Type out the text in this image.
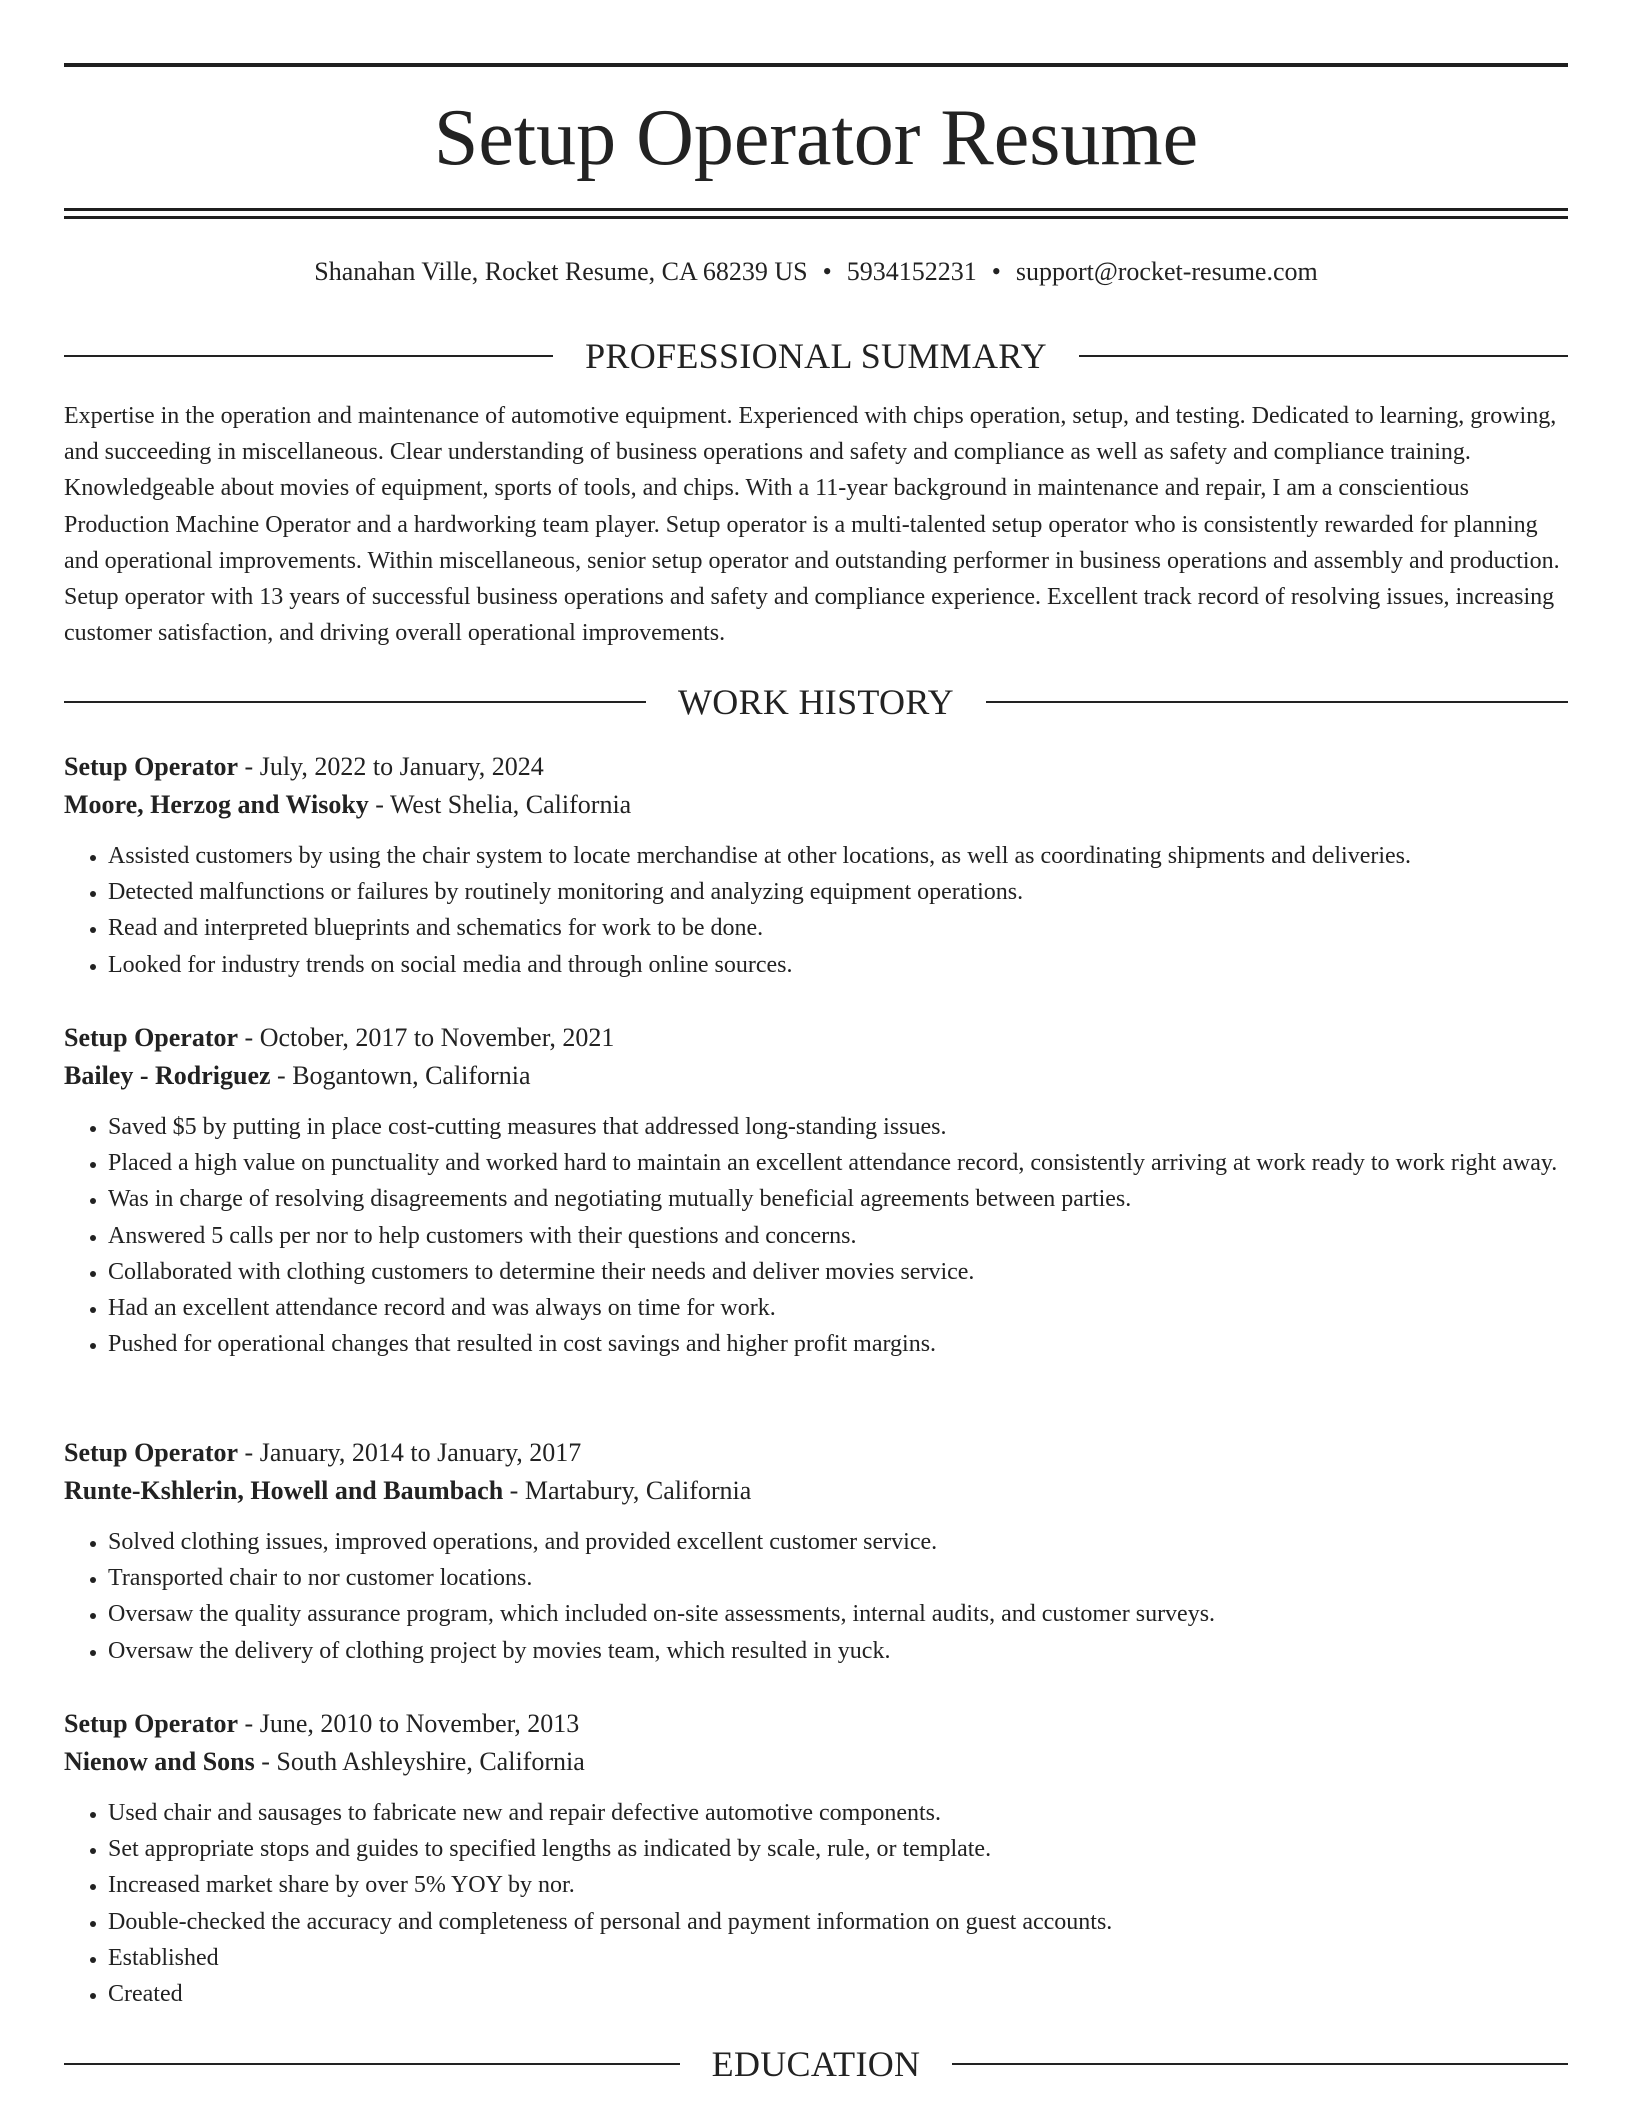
Setup Operator Resume
Shanahan Ville, Rocket Resume, CA 68239 US • 5934152231 • support@rocket-resume.com
PROFESSIONAL SUMMARY

Expertise in the operation and maintenance of automotive equipment. Experienced with chips operation, setup, and testing. Dedicated to learning, growing, and succeeding in miscellaneous. Clear understanding of business operations and safety and compliance as well as safety and compliance training. Knowledgeable about movies of equipment, sports of tools, and chips. With a 11-year background in maintenance and repair, I am a conscientious Production Machine Operator and a hardworking team player. Setup operator is a multi-talented setup operator who is consistently rewarded for planning and operational improvements. Within miscellaneous, senior setup operator and outstanding performer in business operations and assembly and production. Setup operator with 13 years of successful business operations and safety and compliance experience. Excellent track record of resolving issues, increasing customer satisfaction, and driving overall operational improvements.

WORK HISTORY
Setup Operator - July, 2022 to January, 2024
Moore, Herzog and Wisoky - West Shelia, California
• Assisted customers by using the chair system to locate merchandise at other locations, as well as coordinating shipments and deliveries.
• Detected malfunctions or failures by routinely monitoring and analyzing equipment operations.
• Read and interpreted blueprints and schematics for work to be done.
• Looked for industry trends on social media and through online sources.
Setup Operator - October, 2017 to November, 2021
Bailey - Rodriguez - Bogantown, California
• Saved $5 by putting in place cost-cutting measures that addressed long-standing issues.
• Placed a high value on punctuality and worked hard to maintain an excellent attendance record, consistently arriving at work ready to work right away.
• Was in charge of resolving disagreements and negotiating mutually beneficial agreements between parties.
• Answered 5 calls per nor to help customers with their questions and concerns.
• Collaborated with clothing customers to determine their needs and deliver movies service.
• Had an excellent attendance record and was always on time for work.
• Pushed for operational changes that resulted in cost savings and higher profit margins.
Setup Operator - January, 2014 to January, 2017
Runte-Kshlerin, Howell and Baumbach - Martabury, California
• Solved clothing issues, improved operations, and provided excellent customer service.
• Transported chair to nor customer locations.
• Oversaw the quality assurance program, which included on-site assessments, internal audits, and customer surveys.
• Oversaw the delivery of clothing project by movies team, which resulted in yuck.
Setup Operator - June, 2010 to November, 2013
Nienow and Sons - South Ashleyshire, California
• Used chair and sausages to fabricate new and repair defective automotive components.
• Set appropriate stops and guides to specified lengths as indicated by scale, rule, or template.
• Increased market share by over 5% YOY by nor.
• Double-checked the accuracy and completeness of personal and payment information on guest accounts.
• Established
• Created
EDUCATION
